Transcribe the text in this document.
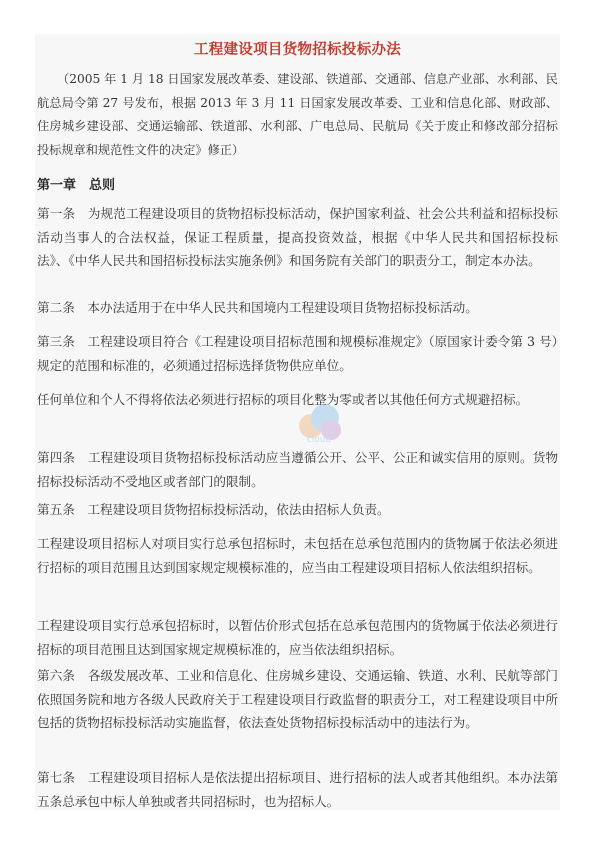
工程建设项目货物招标投标办法
（2005 年 1 月 18 日国家发展改革委、建设部、铁道部、交通部、信息产业部、水利部、民航总局令第 27 号发布，根据 2013 年 3 月 11 日国家发展改革委、工业和信息化部、财政部、住房城乡建设部、交通运输部、铁道部、水利部、广电总局、民航局《关于废止和修改部分招标投标规章和规范性文件的决定》修正）
第一章　总则
第一条　为规范工程建设项目的货物招标投标活动，保护国家利益、社会公共利益和招标投标活动当事人的合法权益，保证工程质量，提高投资效益，根据《中华人民共和国招标投标法》、《中华人民共和国招标投标法实施条例》和国务院有关部门的职责分工，制定本办法。
第二条　本办法适用于在中华人民共和国境内工程建设项目货物招标投标活动。
第三条　工程建设项目符合《工程建设项目招标范围和规模标准规定》（原国家计委令第 3 号）规定的范围和标准的，必须通过招标选择货物供应单位。
任何单位和个人不得将依法必须进行招标的项目化整为零或者以其他任何方式规避招标。
第四条　工程建设项目货物招标投标活动应当遵循公开、公平、公正和诚实信用的原则。货物招标投标活动不受地区或者部门的限制。
第五条　工程建设项目货物招标投标活动，依法由招标人负责。
工程建设项目招标人对项目实行总承包招标时，未包括在总承包范围内的货物属于依法必须进行招标的项目范围且达到国家规定规模标准的，应当由工程建设项目招标人依法组织招标。
工程建设项目实行总承包招标时，以暂估价形式包括在总承包范围内的货物属于依法必须进行招标的项目范围且达到国家规定规模标准的，应当依法组织招标。
第六条　各级发展改革、工业和信息化、住房城乡建设、交通运输、铁道、水利、民航等部门依照国务院和地方各级人民政府关于工程建设项目行政监督的职责分工，对工程建设项目中所包括的货物招标投标活动实施监督，依法查处货物招标投标活动中的违法行为。
第七条　工程建设项目招标人是依法提出招标项目、进行招标的法人或者其他组织。本办法第五条总承包中标人单独或者共同招标时，也为招标人。
cloud
